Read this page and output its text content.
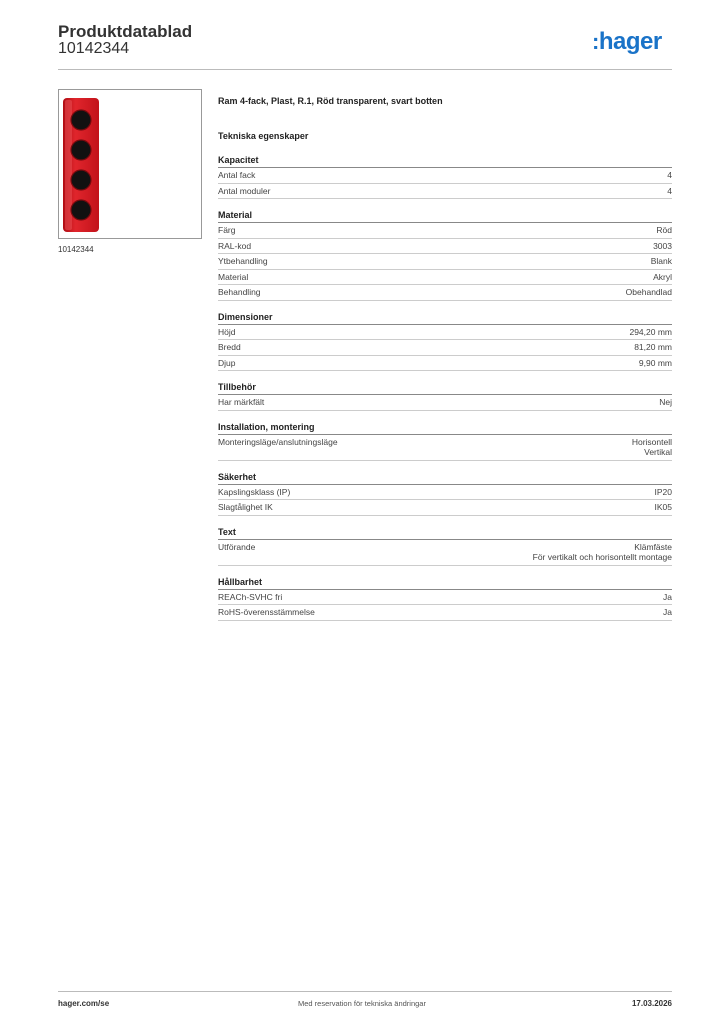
Produktdatablad
10142344	:hager
10142344
Ram 4-fack, Plast, R.1, Röd transparent, svart botten
Tekniska egenskaper
Kapacitet
Antal fack	4
Antal moduler	4
Material
Färg	Röd
RAL-kod	3003
Ytbehandling	Blank
Material	Akryl
Behandling	Obehandlad
Dimensioner
Höjd	294,20 mm
Bredd	81,20 mm
Djup	9,90 mm
Tillbehör
Har märkfält	Nej
Installation, montering
Monteringsläge/anslutningsläge	Horisontell
Vertikal
Säkerhet
Kapslingsklass (IP)	IP20
Slagtålighet IK	IK05
Text
Utförande	Klämfäste
För vertikalt och horisontellt montage
Hållbarhet
REACh-SVHC fri	Ja
RoHS-överensstämmelse	Ja
hager.com/se	Med reservation för tekniska ändringar	17.03.2026
